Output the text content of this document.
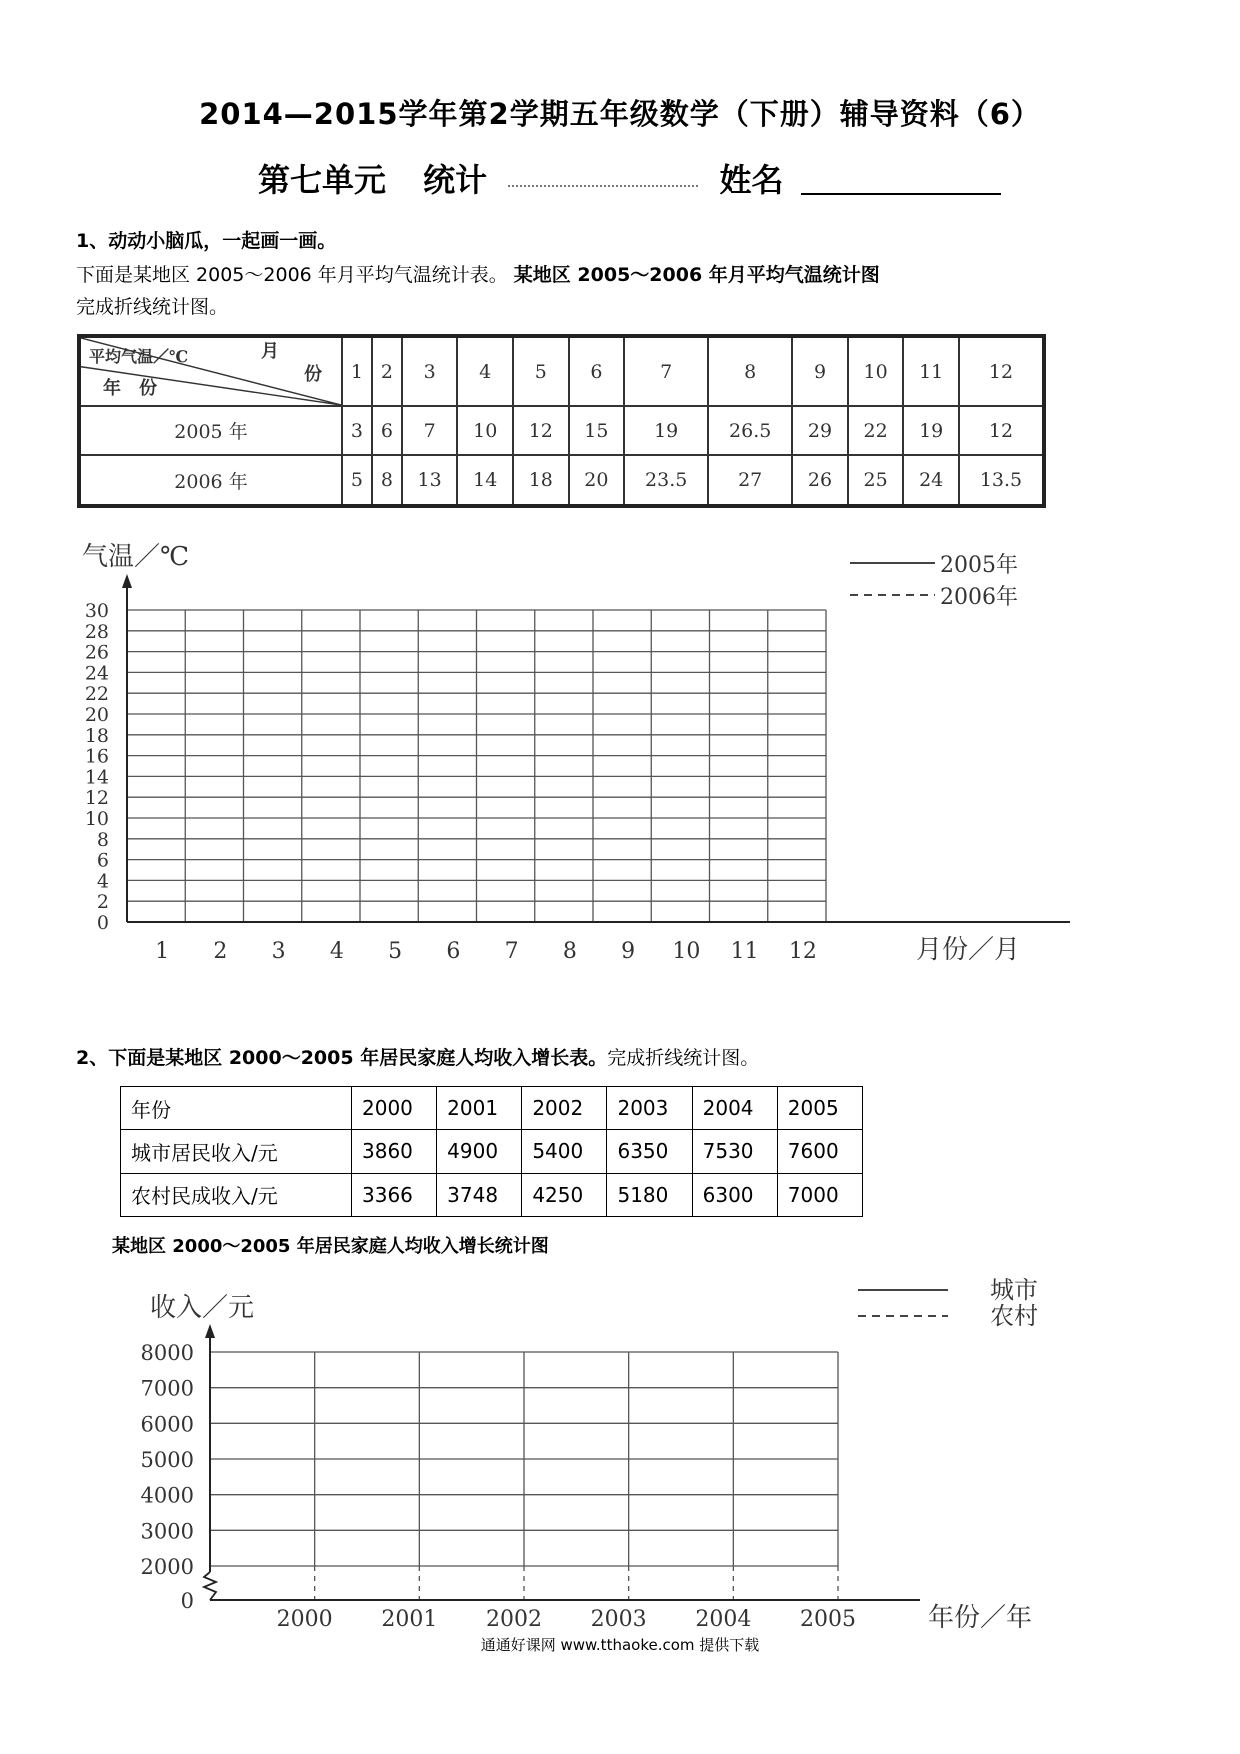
2014—2015学年第2学期五年级数学（下册）辅导资料（6）
第七单元 统计	姓名
1、动动小脑瓜，一起画一画。
下面是某地区 2005～2006 年月平均气温统计表。 某地区 2005～2006 年月平均气温统计图
完成折线统计图。
月
平均气温／℃
份
年　份	1	2	3	4	5	6	7	8	9	10	11	12
2005 年	3	6	7	10	12	15	19	26.5	29	22	19	12
2006 年	5	8	13	14	18	20	23.5	27	26	25	24	13.5
气温／℃
月份／月
2005年
2006年
0
2
4
6
8
10
12
14
16
18
20
22
24
26
28
30
1 2 3 4 5 6 7 8 9 10 11 12
2、下面是某地区 2000～2005 年居民家庭人均收入增长表。完成折线统计图。
年份	2000	2001	2002	2003	2004	2005
城市居民收入/元	3860	4900	5400	6350	7530	7600
农村民成收入/元	3366	3748	4250	5180	6300	7000
某地区 2000～2005 年居民家庭人均收入增长统计图
收入／元
年份／年
城市
农村
0
2000
3000
4000
5000
6000
7000
8000
2000 2001 2002 2003 2004 2005
通通好课网 www.tthaoke.com 提供下载
